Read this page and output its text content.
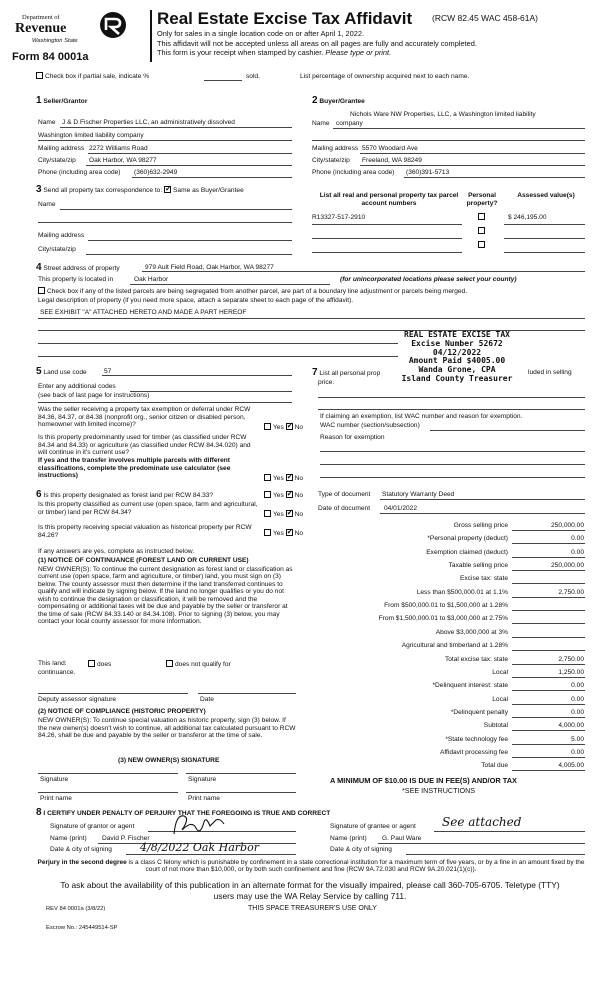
Department of
Revenue
Washington State
Form 84 0001a
Real Estate Excise Tax Affidavit (RCW 82.45 WAC 458-61A)
Only for sales in a single location code on or after April 1, 2022.
This affidavit will not be accepted unless all areas on all pages are fully and accurately completed.
This form is your receipt when stamped by cashier. Please type or print.
Check box if partial sale, indicate %	sold.	List percentage of ownership acquired next to each name.
1 Seller/Grantor
Name J & D Fischer Properties LLC, an administratively dissolved
Washington limited liability company
Mailing address 2272 Williams Road
City/state/zip Oak Harbor, WA 98277
Phone (including area code) (360)632-2949
2 Buyer/Grantee
Nichols Ware NW Properties, LLC, a Washington limited liability
Name company
Mailing address 5570 Woodard Ave
City/state/zip Freeland, WA 98249
Phone (including area code) (360)391-5713
3 Send all property tax correspondence to: ✓ Same as Buyer/Grantee
Name
Mailing address
City/state/zip
List all real and personal property tax parcel account numbers
Personal property?
Assessed value(s)
R13327-517-2910	$ 246,195.00
4 Street address of property	979 Ault Field Road, Oak Harbor, WA 98277
This property is located in	Oak Harbor	(for unincorporated locations please select your county)
Check box if any of the listed parcels are being segregated from another parcel, are part of a boundary line adjustment or parcels being merged.
Legal description of property (if you need more space, attach a separate sheet to each page of the affidavit).
SEE EXHIBIT "A" ATTACHED HERETO AND MADE A PART HEREOF
REAL ESTATE EXCISE TAX
Excise Number 52672
04/12/2022
Amount Paid $4005.00
Wanda Grone, CPA
Island County Treasurer
5 Land use code	57
Enter any additional codes
(see back of last page for instructions)
Was the seller receiving a property tax exemption or deferral under RCW 84.36, 84.37, or 84.38 (nonprofit org., senior citizen or disabled person, homeowner with limited income)?	Yes ✓ No
Is this property predominantly used for timber (as classified under RCW 84.34 and 84.33) or agriculture (as classified under RCW 84.34.020) and will continue in it's current use?
If yes and the transfer involves multiple parcels with different classifications, complete the predominate use calculator (see instructions)	Yes ✓ No
7 List all personal prop	luded in selling
price.
If claiming an exemption, list WAC number and reason for exemption.
WAC number (section/subsection)
Reason for exemption
6 Is this property designated as forest land per RCW 84.33?	Yes ✓ No
Is this property classified as current use (open space, farm and agricultural, or timber) land per RCW 84.34?	Yes ✓ No
Is this property receiving special valuation as historical property per RCW 84.26?	Yes ✓ No
If any answers are yes, complete as instructed below.
(1) NOTICE OF CONTINUANCE (FOREST LAND OR CURRENT USE)
NEW OWNER(S): To continue the current designation as forest land or classification as current use (open space, farm and agriculture, or timber) land, you must sign on (3) below. The county assessor must then determine if the land transferred continues to qualify and will indicate by signing below. If the land no longer qualifies or you do not wish to continue the designation or classification, it will be removed and the compensating or additional taxes will be due and payable by the seller or transferor at the time of sale (RCW 84.33.140 or 84.34.108). Prior to signing (3) below, you may contact your local county assessor for more information.
This land:	does	does not qualify for
continuance.
Deputy assessor signature	Date
(2) NOTICE OF COMPLIANCE (HISTORIC PROPERTY)
NEW OWNER(S): To continue special valuation as historic property, sign (3) below. If the new owner(s) doesn't wish to continue, all additional tax calculated pursuant to RCW 84.26, shall be due and payable by the seller or transferor at the time of sale.
(3) NEW OWNER(S) SIGNATURE
Signature	Signature
Print name	Print name
Type of document Statutory Warranty Deed
Date of document 04/01/2022
Gross selling price	250,000.00
*Personal property (deduct)	0.00
Exemption claimed (deduct)	0.00
Taxable selling price	250,000.00
Excise tax: state
Less than $500,000.01 at 1.1%	2,750.00
From $500,000.01 to $1,500,000 at 1.28%
From $1,500,000.01 to $3,000,000 at 2.75%
Above $3,000,000 at 3%
Agricultural and timberland at 1.28%
Total excise tax: state	2,750.00
Local	1,250.00
*Delinquent interest: state	0.00
Local	0.00
*Delinquent penalty	0.00
Subtotal	4,000.00
*State technology fee	5.00
Affidavit processing fee	0.00
Total due	4,005.00
A MINIMUM OF $10.00 IS DUE IN FEE(S) AND/OR TAX
*SEE INSTRUCTIONS
8 I CERTIFY UNDER PENALTY OF PERJURY THAT THE FOREGOING IS TRUE AND CORRECT
Signature of grantor or agent
Name (print) David P. Fischer
Date & city of signing	4/8/2022 Oak Harbor
Signature of grantee or agent See attached
Name (print) G. Paul Ware
Date & city of signing
Perjury in the second degree is a class C felony which is punishable by confinement in a state correctional institution for a maximum term of five years, or by a fine in an amount fixed by the court of not more than $10,000, or by both such confinement and fine (RCW 9A.72.030 and RCW 9A.20.021(1)(c)).
To ask about the availability of this publication in an alternate format for the visually impaired, please call 360-705-6705. Teletype (TTY) users may use the WA Relay Service by calling 711.
REV 84 0001a (3/8/22)	THIS SPACE TREASURER'S USE ONLY
Escrow No.: 245449514-SP
